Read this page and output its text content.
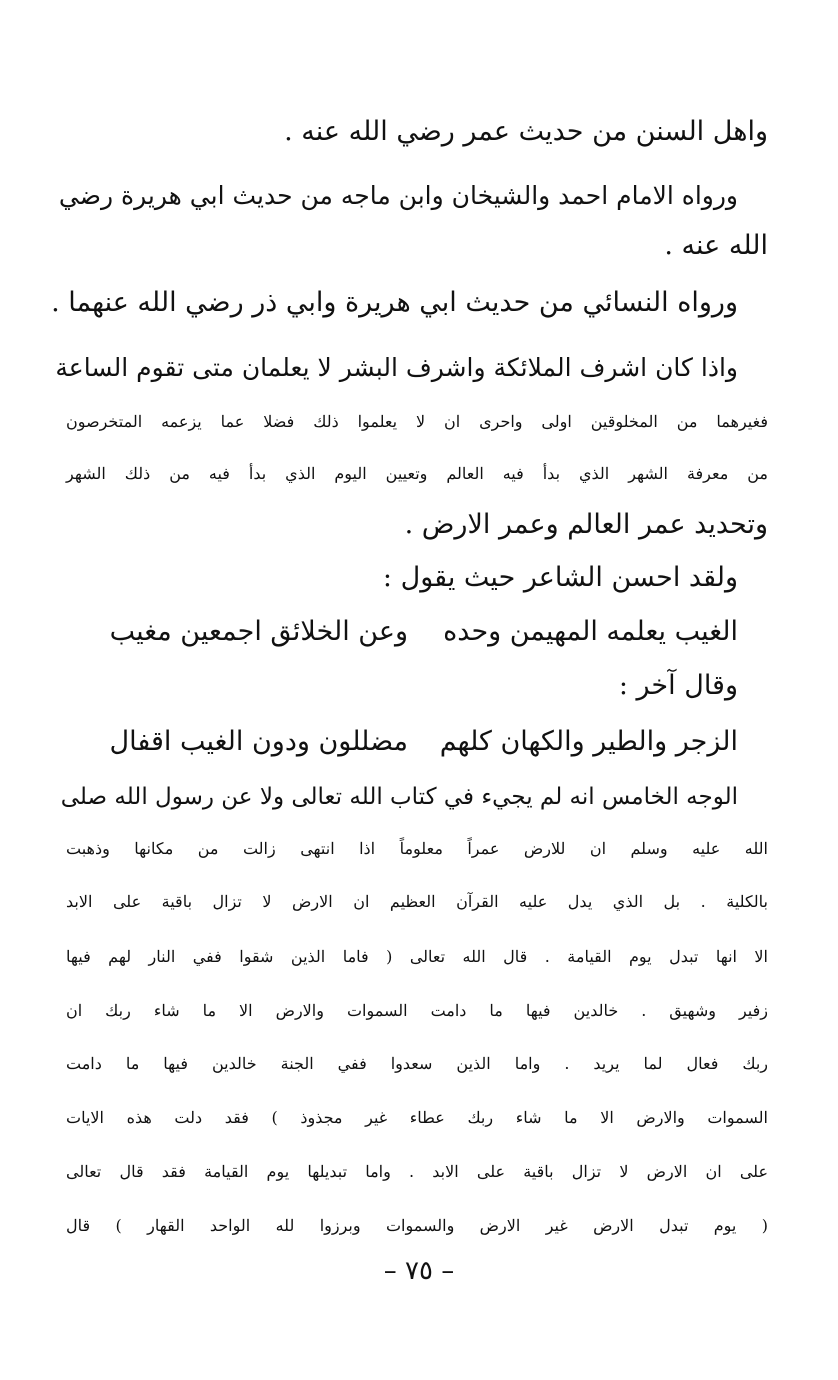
واهل السنن من حديث عمر رضي الله عنه .
ورواه الامام احمد والشيخان وابن ماجه من حديث ابي هريرة رضي
الله عنه .
ورواه النسائي من حديث ابي هريرة وابي ذر رضي الله عنهما .
واذا كان اشرف الملائكة واشرف البشر لا يعلمان متى تقوم الساعة
فغيرهما من المخلوقين اولى واحرى ان لا يعلموا ذلك فضلا عما يزعمه المتخرصون
من معرفة الشهر الذي بدأ فيه العالم وتعيين اليوم الذي بدأ فيه من ذلك الشهر
وتحديد عمر العالم وعمر الارض .
ولقد احسن الشاعر حيث يقول :
الغيب يعلمه المهيمن وحده
وعن الخلائق اجمعين مغيب
وقال آخر :
الزجر والطير والكهان كلهم
مضللون ودون الغيب اقفال
الوجه الخامس انه لم يجيء في كتاب الله تعالى ولا عن رسول الله صلى
الله عليه وسلم ان للارض عمراً معلوماً اذا انتهى زالت من مكانها وذهبت
بالكلية . بل الذي يدل عليه القرآن العظيم ان الارض لا تزال باقية على الابد
الا انها تبدل يوم القيامة . قال الله تعالى ( فاما الذين شقوا ففي النار لهم فيها
زفير وشهيق . خالدين فيها ما دامت السموات والارض الا ما شاء ربك ان
ربك فعال لما يريد . واما الذين سعدوا ففي الجنة خالدين فيها ما دامت
السموات والارض الا ما شاء ربك عطاء غير مجذوذ ) فقد دلت هذه الايات
على ان الارض لا تزال باقية على الابد . واما تبديلها يوم القيامة فقد قال تعالى
( يوم تبدل الارض غير الارض والسموات وبرزوا لله الواحد القهار ) قال
– ٧٥ –
